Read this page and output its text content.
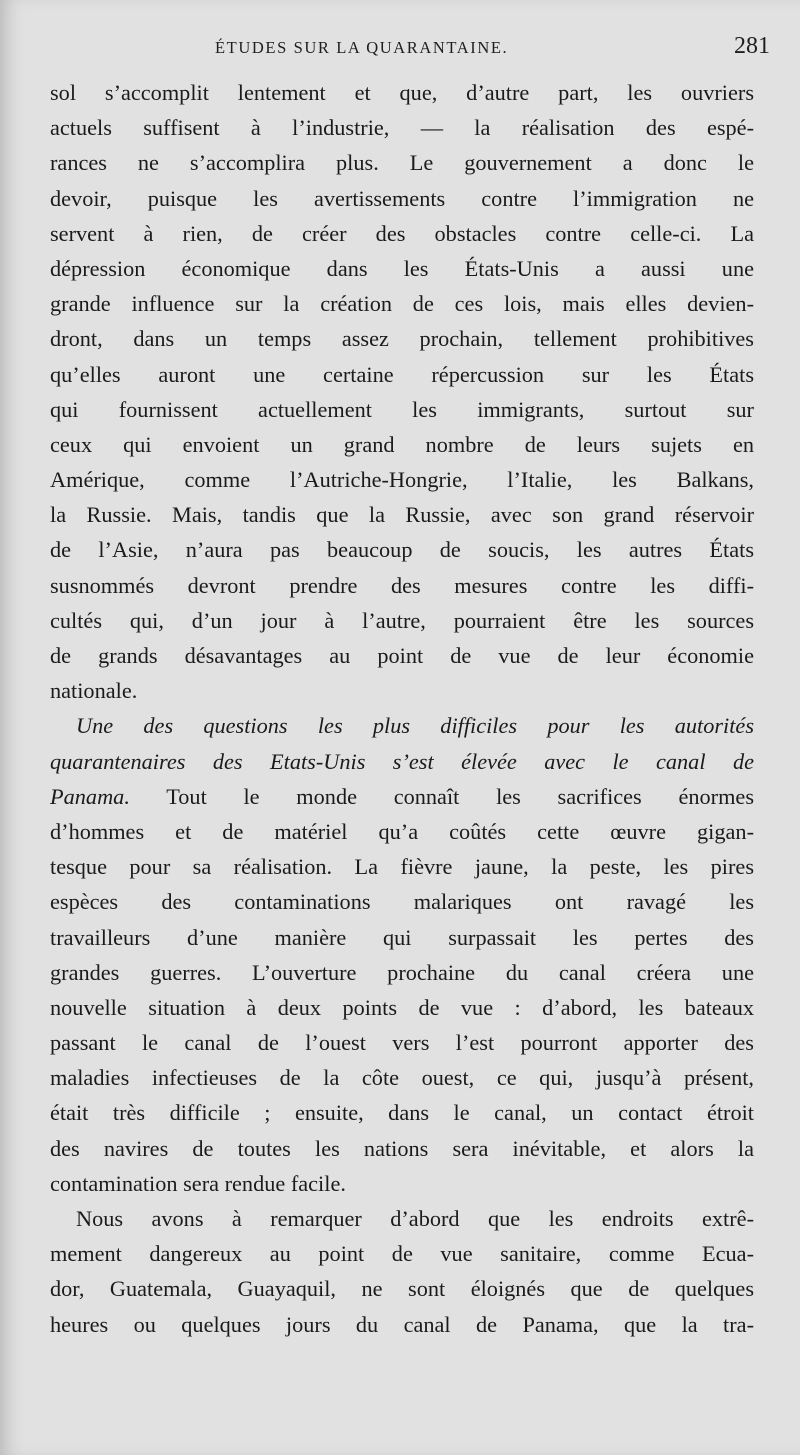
ÉTUDES SUR LA QUARANTAINE.	281
sol s’accomplit lentement et que, d’autre part, les ouvriers
actuels suffisent à l’industrie, — la réalisation des espé-
rances ne s’accomplira plus. Le gouvernement a donc le
devoir, puisque les avertissements contre l’immigration ne
servent à rien, de créer des obstacles contre celle-ci. La
dépression économique dans les États-Unis a aussi une
grande influence sur la création de ces lois, mais elles devien-
dront, dans un temps assez prochain, tellement prohibitives
qu’elles auront une certaine répercussion sur les États
qui fournissent actuellement les immigrants, surtout sur
ceux qui envoient un grand nombre de leurs sujets en
Amérique, comme l’Autriche-Hongrie, l’Italie, les Balkans,
la Russie. Mais, tandis que la Russie, avec son grand réservoir
de l’Asie, n’aura pas beaucoup de soucis, les autres États
susnommés devront prendre des mesures contre les diffi-
cultés qui, d’un jour à l’autre, pourraient être les sources
de grands désavantages au point de vue de leur économie
nationale.
Une des questions les plus difficiles pour les autorités
quarantenaires des Etats-Unis s’est élevée avec le canal de
Panama. Tout le monde connaît les sacrifices énormes
d’hommes et de matériel qu’a coûtés cette œuvre gigan-
tesque pour sa réalisation. La fièvre jaune, la peste, les pires
espèces des contaminations malariques ont ravagé les
travailleurs d’une manière qui surpassait les pertes des
grandes guerres. L’ouverture prochaine du canal créera une
nouvelle situation à deux points de vue : d’abord, les bateaux
passant le canal de l’ouest vers l’est pourront apporter des
maladies infectieuses de la côte ouest, ce qui, jusqu’à présent,
était très difficile ; ensuite, dans le canal, un contact étroit
des navires de toutes les nations sera inévitable, et alors la
contamination sera rendue facile.
Nous avons à remarquer d’abord que les endroits extrê-
mement dangereux au point de vue sanitaire, comme Ecua-
dor, Guatemala, Guayaquil, ne sont éloignés que de quelques
heures ou quelques jours du canal de Panama, que la tra-
